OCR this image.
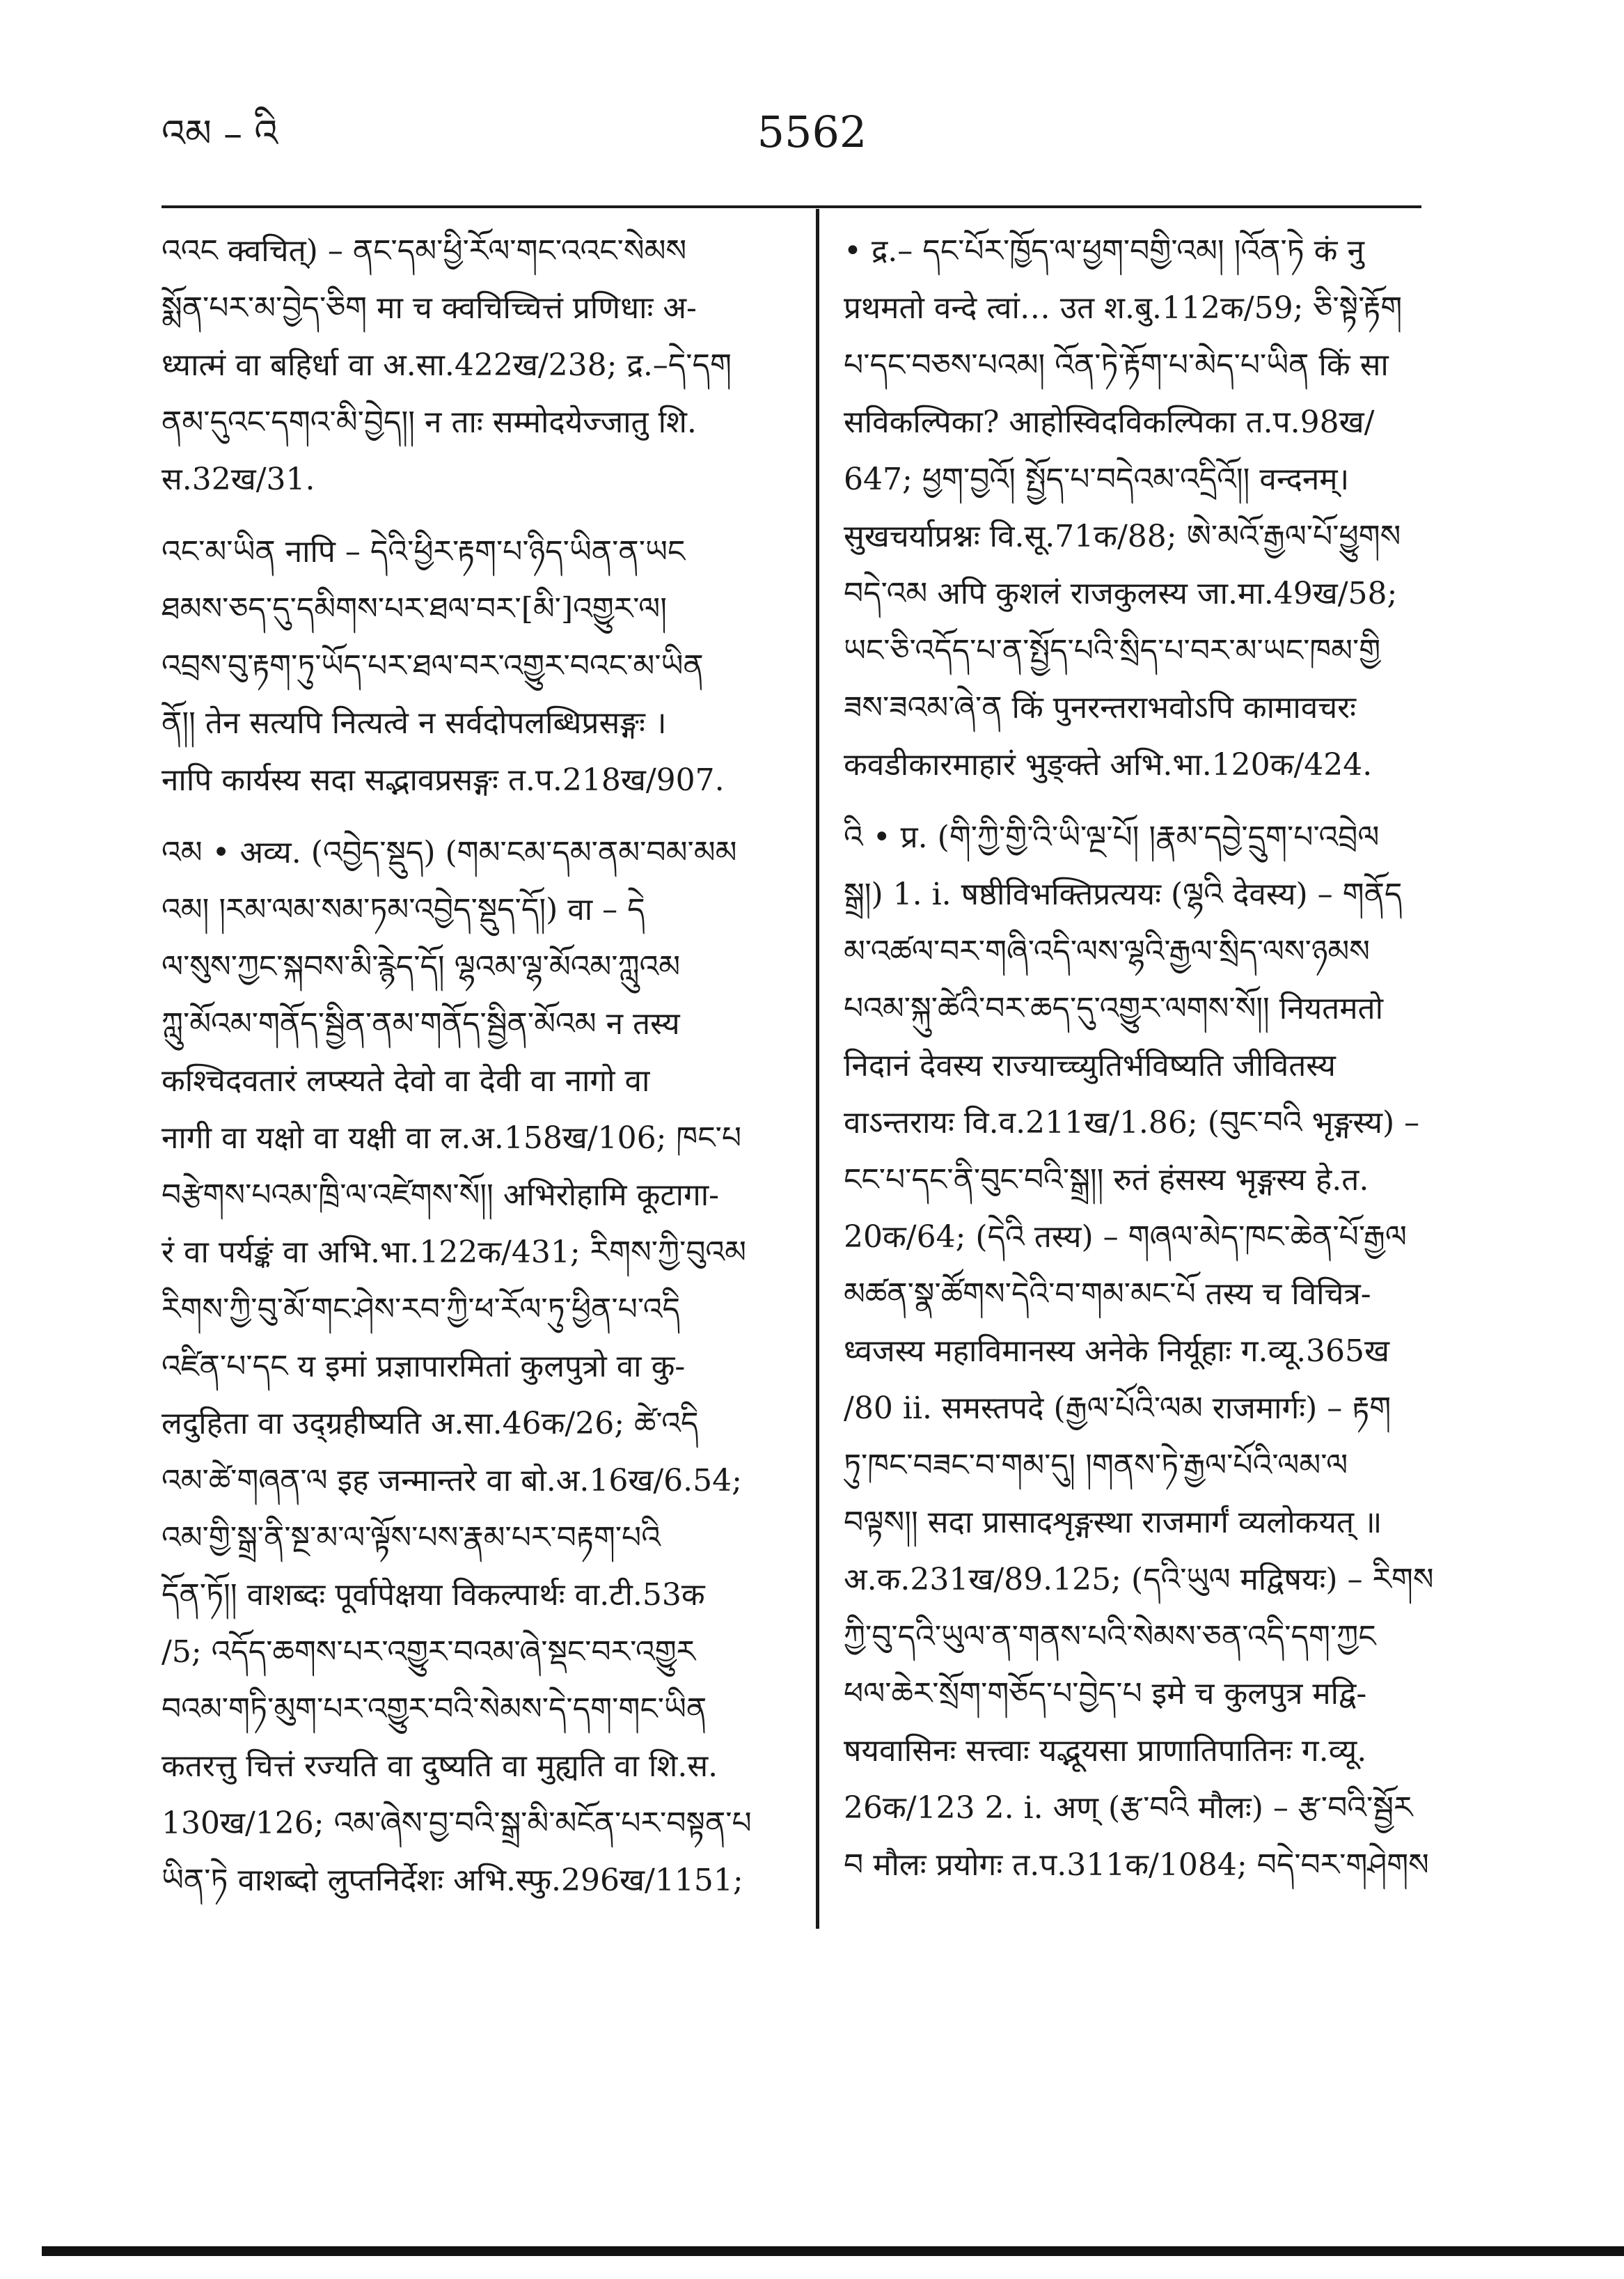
འམ – འི	5562
འའང क्वचित्) – ནང་དམ་ཕྱི་རོལ་གང་འའང་སེམས
སྨོན་པར་མ་བྱེད་ཅིག मा च क्वचिच्चित्तं प्रणिधाः अ-
ध्यात्मं वा बहिर्धा वा अ.सा.422ख/238; द्र.–དེ་དག
ནམ་དུའང་དགའ་མི་བྱེད།། न ताः सम्मोदयेज्जातु शि.
स.32ख/31.
འང་མ་ཡིན नापि – དེའི་ཕྱིར་རྟག་པ་ཉིད་ཡིན་ན་ཡང
ཐམས་ཅད་དུ་དམིགས་པར་ཐལ་བར་[མི་]འགྱུར་ལ།
འབྲས་བུ་རྟག་ཏུ་ཡོད་པར་ཐལ་བར་འགྱུར་བའང་མ་ཡིན
ནོ།། तेन सत्यपि नित्यत्वे न सर्वदोपलब्धिप्रसङ्गः ।
नापि कार्यस्य सदा सद्भावप्रसङ्गः त.प.218ख/907.
འམ • अव्य. (འབྱེད་སྡུད) (གམ་ངམ་དམ་ནམ་བམ་མམ
འམ། །རམ་ལམ་སམ་ཏམ་འབྱེད་སྡུད་དོ།) वा – དེ
ལ་སུས་ཀྱང་སྐབས་མི་རྙེད་དོ། ལྷའམ་ལྷ་མོའམ་ཀླུའམ
ཀླུ་མོའམ་གནོད་སྦྱིན་ནམ་གནོད་སྦྱིན་མོའམ न तस्य
कश्चिदवतारं लप्स्यते देवो वा देवी वा नागो वा
नागी वा यक्षो वा यक्षी वा ल.अ.158ख/106; ཁང་པ
བརྩེགས་པའམ་ཁྲི་ལ་འཛེགས་སོ།། अभिरोहामि कूटागा-
रं वा पर्यङ्कं वा अभि.भा.122क/431; རིགས་ཀྱི་བུའམ
རིགས་ཀྱི་བུ་མོ་གང་ཤེས་རབ་ཀྱི་ཕ་རོལ་ཏུ་ཕྱིན་པ་འདི
འཛིན་པ་དང य इमां प्रज्ञापारमितां कुलपुत्रो वा कु-
लदुहिता वा उद्ग्रहीष्यति अ.सा.46क/26; ཚེ་འདི
འམ་ཚེ་གཞན་ལ इह जन्मान्तरे वा बो.अ.16ख/6.54;
འམ་གྱི་སྒྲ་ནི་སྔ་མ་ལ་ལྟོས་པས་རྣམ་པར་བརྟག་པའི
དོན་ཏོ།། वाशब्दः पूर्वापेक्षया विकल्पार्थः वा.टी.53क
/5; འདོད་ཆགས་པར་འགྱུར་བའམ་ཞེ་སྡང་བར་འགྱུར
བའམ་གཏི་མུག་པར་འགྱུར་བའི་སེམས་དེ་དག་གང་ཡིན
कतरत्तु चित्तं रज्यति वा दुष्यति वा मुह्यति वा शि.स.
130ख/126; འམ་ཞེས་བྱ་བའི་སྒྲ་མི་མངོན་པར་བསྟན་པ
ཡིན་ཏེ वाशब्दो लुप्तनिर्देशः अभि.स्फु.296ख/1151;
• द्र.– དང་པོར་ཁྱོད་ལ་ཕྱག་བགྱི་འམ། །འོན་ཏེ कं नु
प्रथमतो वन्दे त्वां… उत श.बु.112क/59; ཅི་སྟེ་རྟོག
པ་དང་བཅས་པའམ། འོན་ཏེ་རྟོག་པ་མེད་པ་ཡིན किं सा
सविकल्पिका? आहोस्विदविकल्पिका त.प.98ख/
647; ཕྱག་བྱའོ། སྤྱོད་པ་བདེའམ་འདྲིའོ།། वन्दनम्।
सुखचर्याप्रश्नः वि.सू.71क/88; ཨེ་མའོ་རྒྱལ་པོ་ཕྱུགས
བདེ་འམ अपि कुशलं राजकुलस्य जा.मा.49ख/58;
ཡང་ཅི་འདོད་པ་ན་སྤྱོད་པའི་སྲིད་པ་བར་མ་ཡང་ཁམ་གྱི
ཟས་ཟའམ་ཞེ་ན किं पुनरन्तराभवोऽपि कामावचरः
कवडीकारमाहारं भुङ्क्ते अभि.भा.120क/424.
འི • प्र. (གི་ཀྱི་གྱི་འི་ཡི་ལྔ་པོ། །རྣམ་དབྱེ་དྲུག་པ་འབྲེལ
སྒྲ།) 1. i. षष्ठीविभक्तिप्रत्ययः (ལྷའི देवस्य) – གནོད
མ་འཚལ་བར་གཞི་འདི་ལས་ལྷའི་རྒྱལ་སྲིད་ལས་ཉམས
པའམ་སྐུ་ཚེའི་བར་ཆད་དུ་འགྱུར་ལགས་སོ།། नियतमतो
निदानं देवस्य राज्याच्च्युतिर्भविष्यति जीवितस्य
वाऽन्तरायः वि.व.211ख/1.86; (བུང་བའི भृङ्गस्य) –
ངང་པ་དང་ནི་བུང་བའི་སྒྲ།། रुतं हंसस्य भृङ्गस्य हे.त.
20क/64; (དེའི तस्य) – གཞལ་མེད་ཁང་ཆེན་པོ་རྒྱལ
མཚན་སྣ་ཚོགས་དེའི་བ་གམ་མང་པོ तस्य च विचित्र-
ध्वजस्य महाविमानस्य अनेके निर्यूहाः ग.व्यू.365ख
/80 ii. समस्तपदे (རྒྱལ་པོའི་ལམ राजमार्गः) – རྟག
ཏུ་ཁང་བཟང་བ་གམ་དུ། །གནས་ཏེ་རྒྱལ་པོའི་ལམ་ལ
བལྟས།། सदा प्रासादशृङ्गस्था राजमार्गं व्यलोकयत् ॥
अ.क.231ख/89.125; (དའི་ཡུལ मद्विषयः) – རིགས
ཀྱི་བུ་དའི་ཡུལ་ན་གནས་པའི་སེམས་ཅན་འདི་དག་ཀྱང
ཕལ་ཆེར་སྲོག་གཅོད་པ་བྱེད་པ इमे च कुलपुत्र मद्वि-
षयवासिनः सत्त्वाः यद्भूयसा प्राणातिपातिनः ग.व्यू.
26क/123 2. i. अण् (རྩ་བའི मौलः) – རྩ་བའི་སྦྱོར
བ मौलः प्रयोगः त.प.311क/1084; བདེ་བར་གཤེགས
